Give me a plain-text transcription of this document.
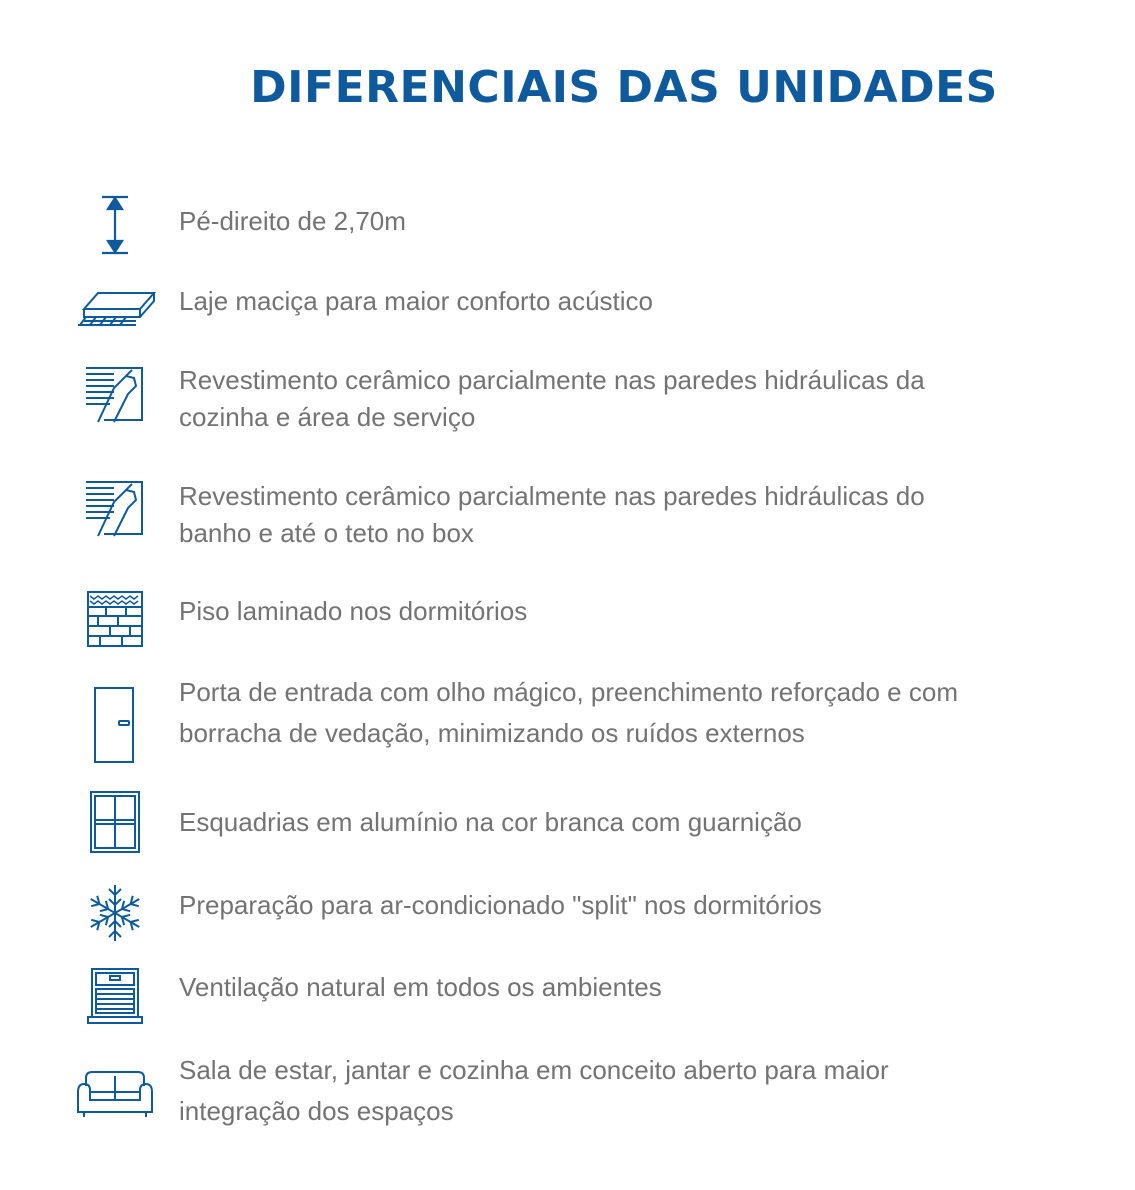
DIFERENCIAIS DAS UNIDADES

Pé-direito de 2,70m

Laje maciça para maior conforto acústico

Revestimento cerâmico parcialmente nas paredes hidráulicas da
cozinha e área de serviço

Revestimento cerâmico parcialmente nas paredes hidráulicas do
banho e até o teto no box

Piso laminado nos dormitórios

Porta de entrada com olho mágico, preenchimento reforçado e com
borracha de vedação, minimizando os ruídos externos

Esquadrias em alumínio na cor branca com guarnição

Preparação para ar-condicionado "split" nos dormitórios

Ventilação natural em todos os ambientes

Sala de estar, jantar e cozinha em conceito aberto para maior
integração dos espaços
